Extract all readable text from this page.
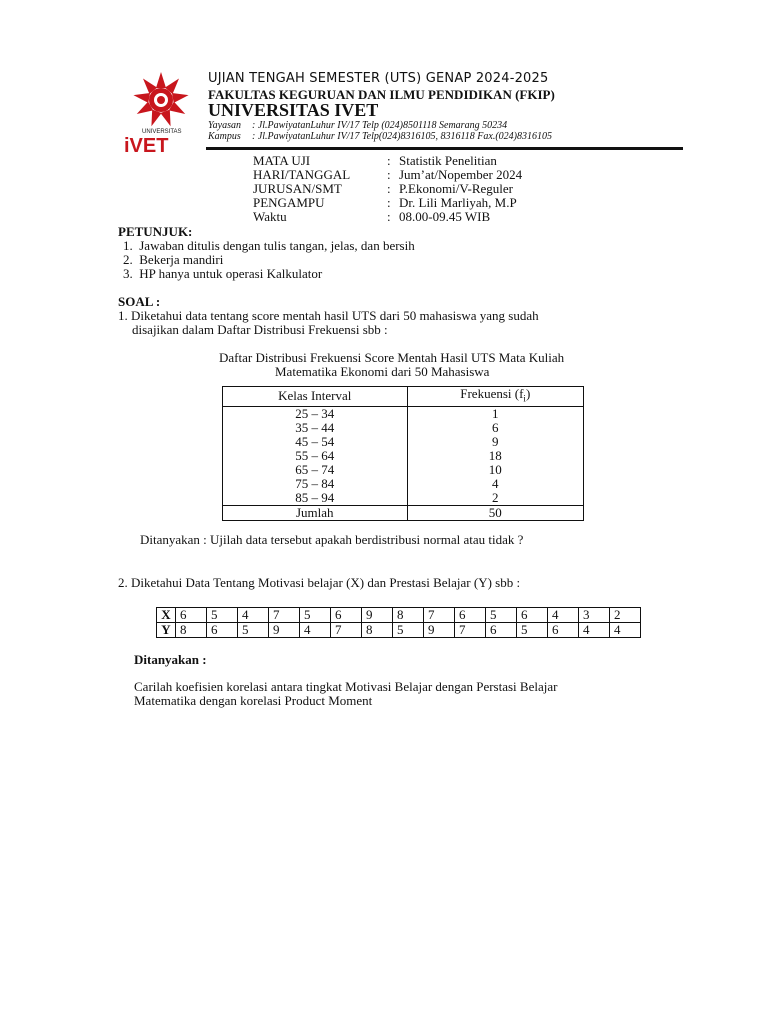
UNIVERSITAS
iVET
UJIAN TENGAH SEMESTER (UTS) GENAP 2024-2025
FAKULTAS KEGURUAN DAN ILMU PENDIDIKAN (FKIP)
UNIVERSITAS IVET
Yayasan : Jl.PawiyatanLuhur IV/17 Telp (024)8501118 Semarang 50234
Kampus : Jl.PawiyatanLuhur IV/17 Telp(024)8316105, 8316118 Fax.(024)8316105
MATA UJI	:	Statistik Penelitian
HARI/TANGGAL	:	Jum’at/Nopember 2024
JURUSAN/SMT	:	P.Ekonomi/V-Reguler
PENGAMPU	:	Dr. Lili Marliyah, M.P
Waktu	:	08.00-09.45 WIB
PETUNJUK:
1.  Jawaban ditulis dengan tulis tangan, jelas, dan bersih
2.  Bekerja mandiri
3.  HP hanya untuk operasi Kalkulator
SOAL :
1. Diketahui data tentang score mentah hasil UTS dari 50 mahasiswa yang sudah
disajikan dalam Daftar Distribusi Frekuensi sbb :
Daftar Distribusi Frekuensi Score Mentah Hasil UTS Mata Kuliah
Matematika Ekonomi dari 50 Mahasiswa
Kelas Interval	Frekuensi $(f_i)$
25 – 34	1
35 – 44	6
45 – 54	9
55 – 64	18
65 – 74	10
75 – 84	4
85 – 94	2
Jumlah	50
Ditanyakan : Ujilah data tersebut apakah berdistribusi normal atau tidak ?
2. Diketahui Data Tentang Motivasi belajar (X) dan Prestasi Belajar (Y) sbb :
X	6	5	4	7	5	6	9	8	7	6	5	6	4	3	2
Y	8	6	5	9	4	7	8	5	9	7	6	5	6	4	4
Ditanyakan :
Carilah koefisien korelasi antara tingkat Motivasi Belajar dengan Perstasi Belajar
Matematika dengan korelasi Product Moment
